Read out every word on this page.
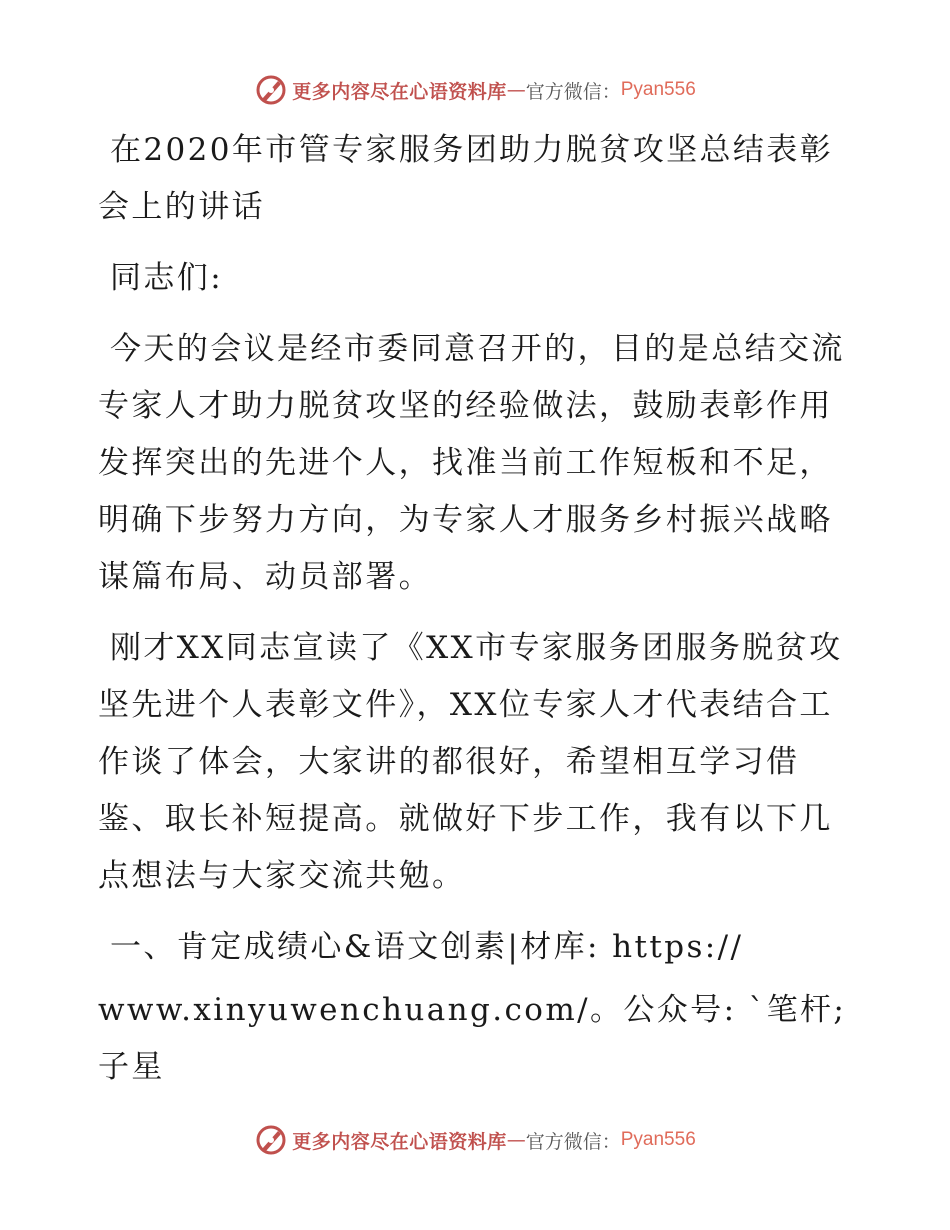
更多内容尽在心语资料库 — 官方微信： Pyan556

在2020年市管专家服务团助力脱贫攻坚总结表彰会上的讲话

同志们:

今天的会议是经市委同意召开的，目的是总结交流专家人才助力脱贫攻坚的经验做法，鼓励表彰作用发挥突出的先进个人，找准当前工作短板和不足，明确下步努力方向，为专家人才服务乡村振兴战略谋篇布局、动员部署。

刚才XX同志宣读了《XX市专家服务团服务脱贫攻坚先进个人表彰文件》，XX位专家人才代表结合工作谈了体会，大家讲的都很好，希望相互学习借鉴、取长补短提高。就做好下步工作，我有以下几点想法与大家交流共勉。

一、肯定成绩心&语文创素|材库: https://

www.xinyuwenchuang.com/。公众号: `笔杆;子星

更多内容尽在心语资料库 — 官方微信： Pyan556
